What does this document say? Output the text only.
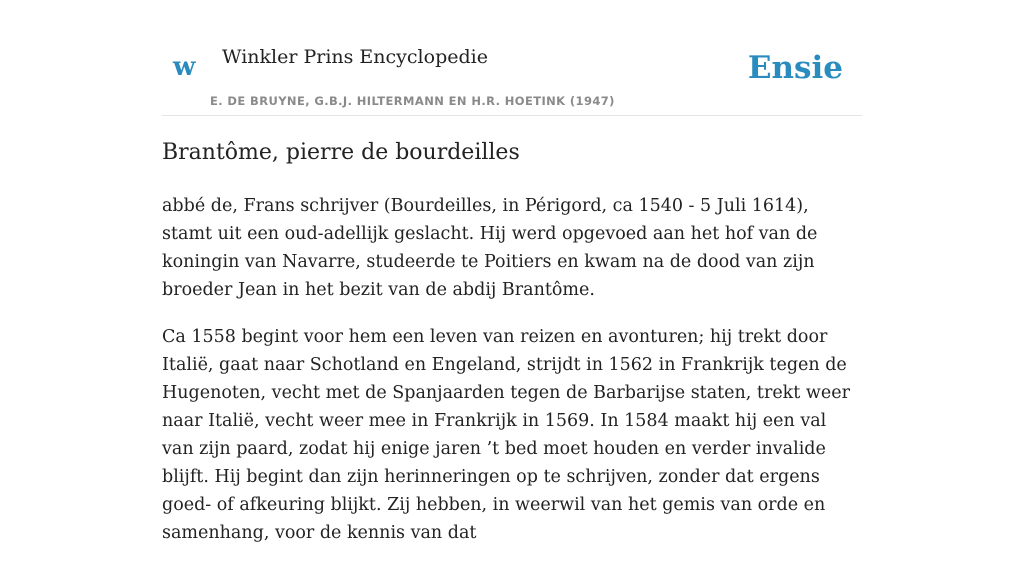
w Winkler Prins Encyclopedie
E. DE BRUYNE, G.B.J. HILTERMANN EN H.R. HOETINK (1947)
Ensie
Brantôme, pierre de bourdeilles

abbé de, Frans schrijver (Bourdeilles, in Périgord, ca 1540 - 5 Juli 1614), stamt uit een oud-adellijk geslacht. Hij werd opgevoed aan het hof van de koningin van Navarre, studeerde te Poitiers en kwam na de dood van zijn broeder Jean in het bezit van de abdij Brantôme.

Ca 1558 begint voor hem een leven van reizen en avonturen; hij trekt door Italië, gaat naar Schotland en Engeland, strijdt in 1562 in Frankrijk tegen de Hugenoten, vecht met de Spanjaarden tegen de Barbarijse staten, trekt weer naar Italië, vecht weer mee in Frankrijk in 1569. In 1584 maakt hij een val van zijn paard, zodat hij enige jaren ’t bed moet houden en verder invalide blijft. Hij begint dan zijn herinneringen op te schrijven, zonder dat ergens goed- of afkeuring blijkt. Zij hebben, in weerwil van het gemis van orde en samenhang, voor de kennis van dat
